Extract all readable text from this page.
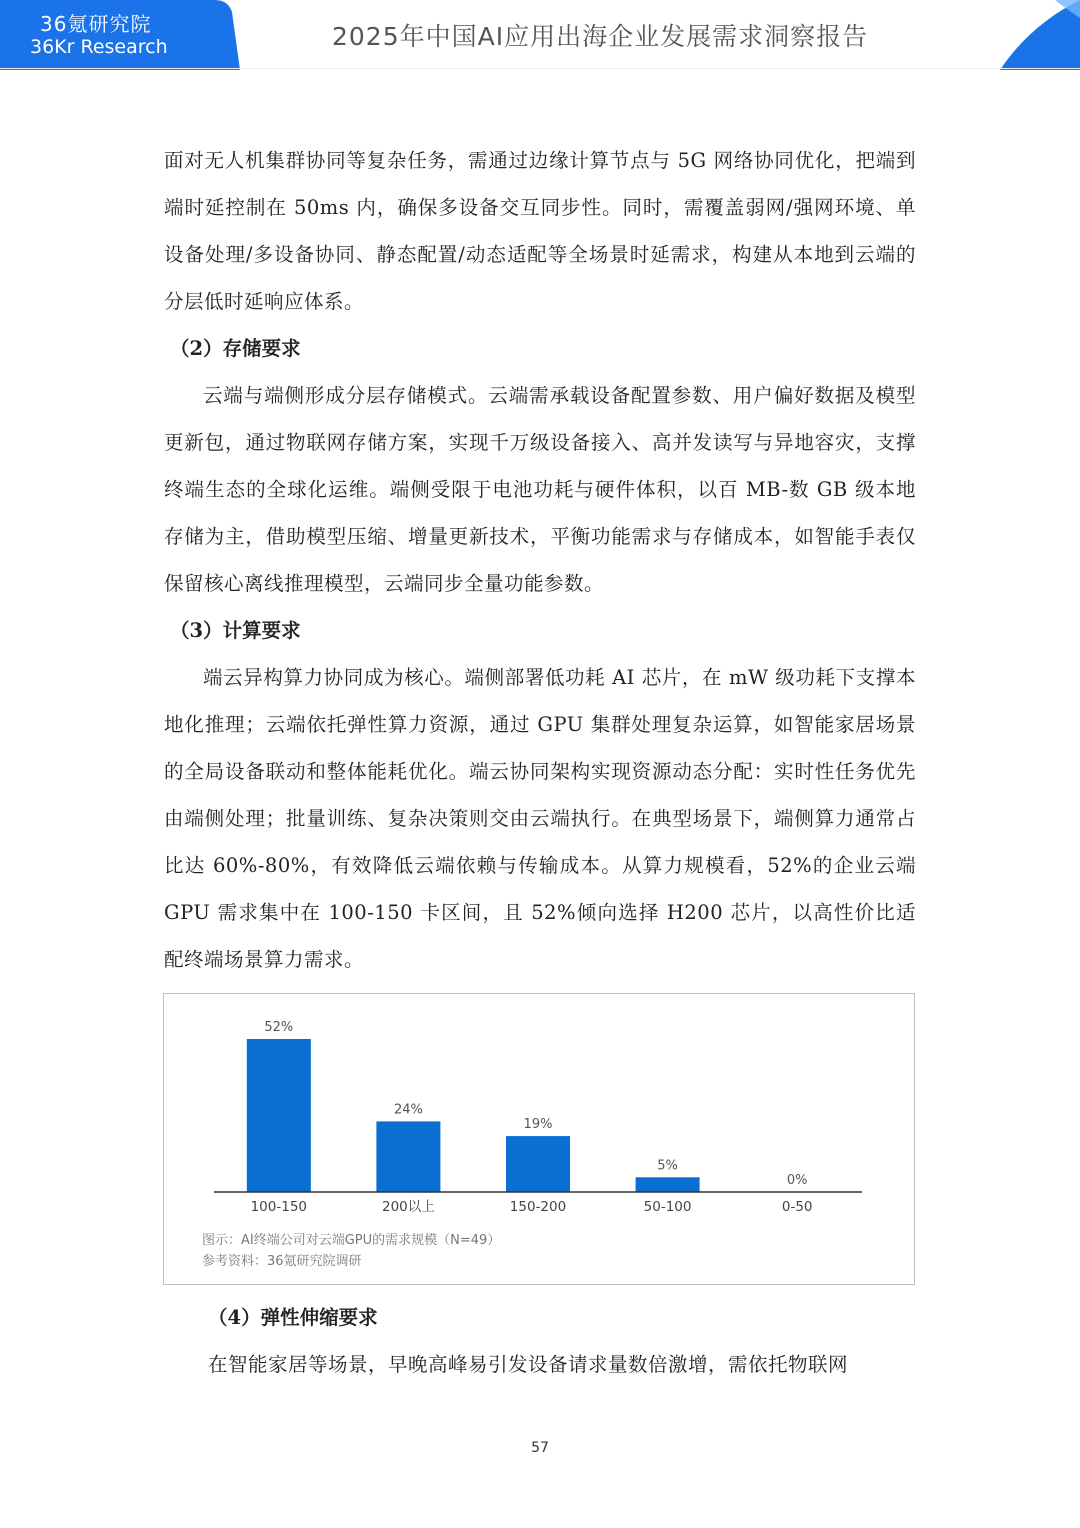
36氪研究院
36Kr Research	2025年中国AI应用出海企业发展需求洞察报告

面对无人机集群协同等复杂任务，需通过边缘计算节点与 5G 网络协同优化，把端到端时延控制在 50ms 内，确保多设备交互同步性。同时，需覆盖弱网/强网环境、单设备处理/多设备协同、静态配置/动态适配等全场景时延需求，构建从本地到云端的分层低时延响应体系。

（2）存储要求

云端与端侧形成分层存储模式。云端需承载设备配置参数、用户偏好数据及模型更新包，通过物联网存储方案，实现千万级设备接入、高并发读写与异地容灾，支撑终端生态的全球化运维。端侧受限于电池功耗与硬件体积，以百 MB-数 GB 级本地存储为主，借助模型压缩、增量更新技术，平衡功能需求与存储成本，如智能手表仅保留核心离线推理模型，云端同步全量功能参数。

（3）计算要求

端云异构算力协同成为核心。端侧部署低功耗 AI 芯片，在 mW 级功耗下支撑本地化推理；云端依托弹性算力资源，通过 GPU 集群处理复杂运算，如智能家居场景的全局设备联动和整体能耗优化。端云协同架构实现资源动态分配：实时性任务优先由端侧处理；批量训练、复杂决策则交由云端执行。在典型场景下，端侧算力通常占比达 60%-80%，有效降低云端依赖与传输成本。从算力规模看，52%的企业云端 GPU 需求集中在 100-150 卡区间，且 52%倾向选择 H200 芯片，以高性价比适配终端场景算力需求。

52%
100-150
24%
200以上
19%
150-200
5%
50-100
0%
0-50
图示：AI终端公司对云端GPU的需求规模（N=49）
参考资料：36氪研究院调研

（4）弹性伸缩要求

在智能家居等场景，早晚高峰易引发设备请求量数倍激增，需依托物联网

57
